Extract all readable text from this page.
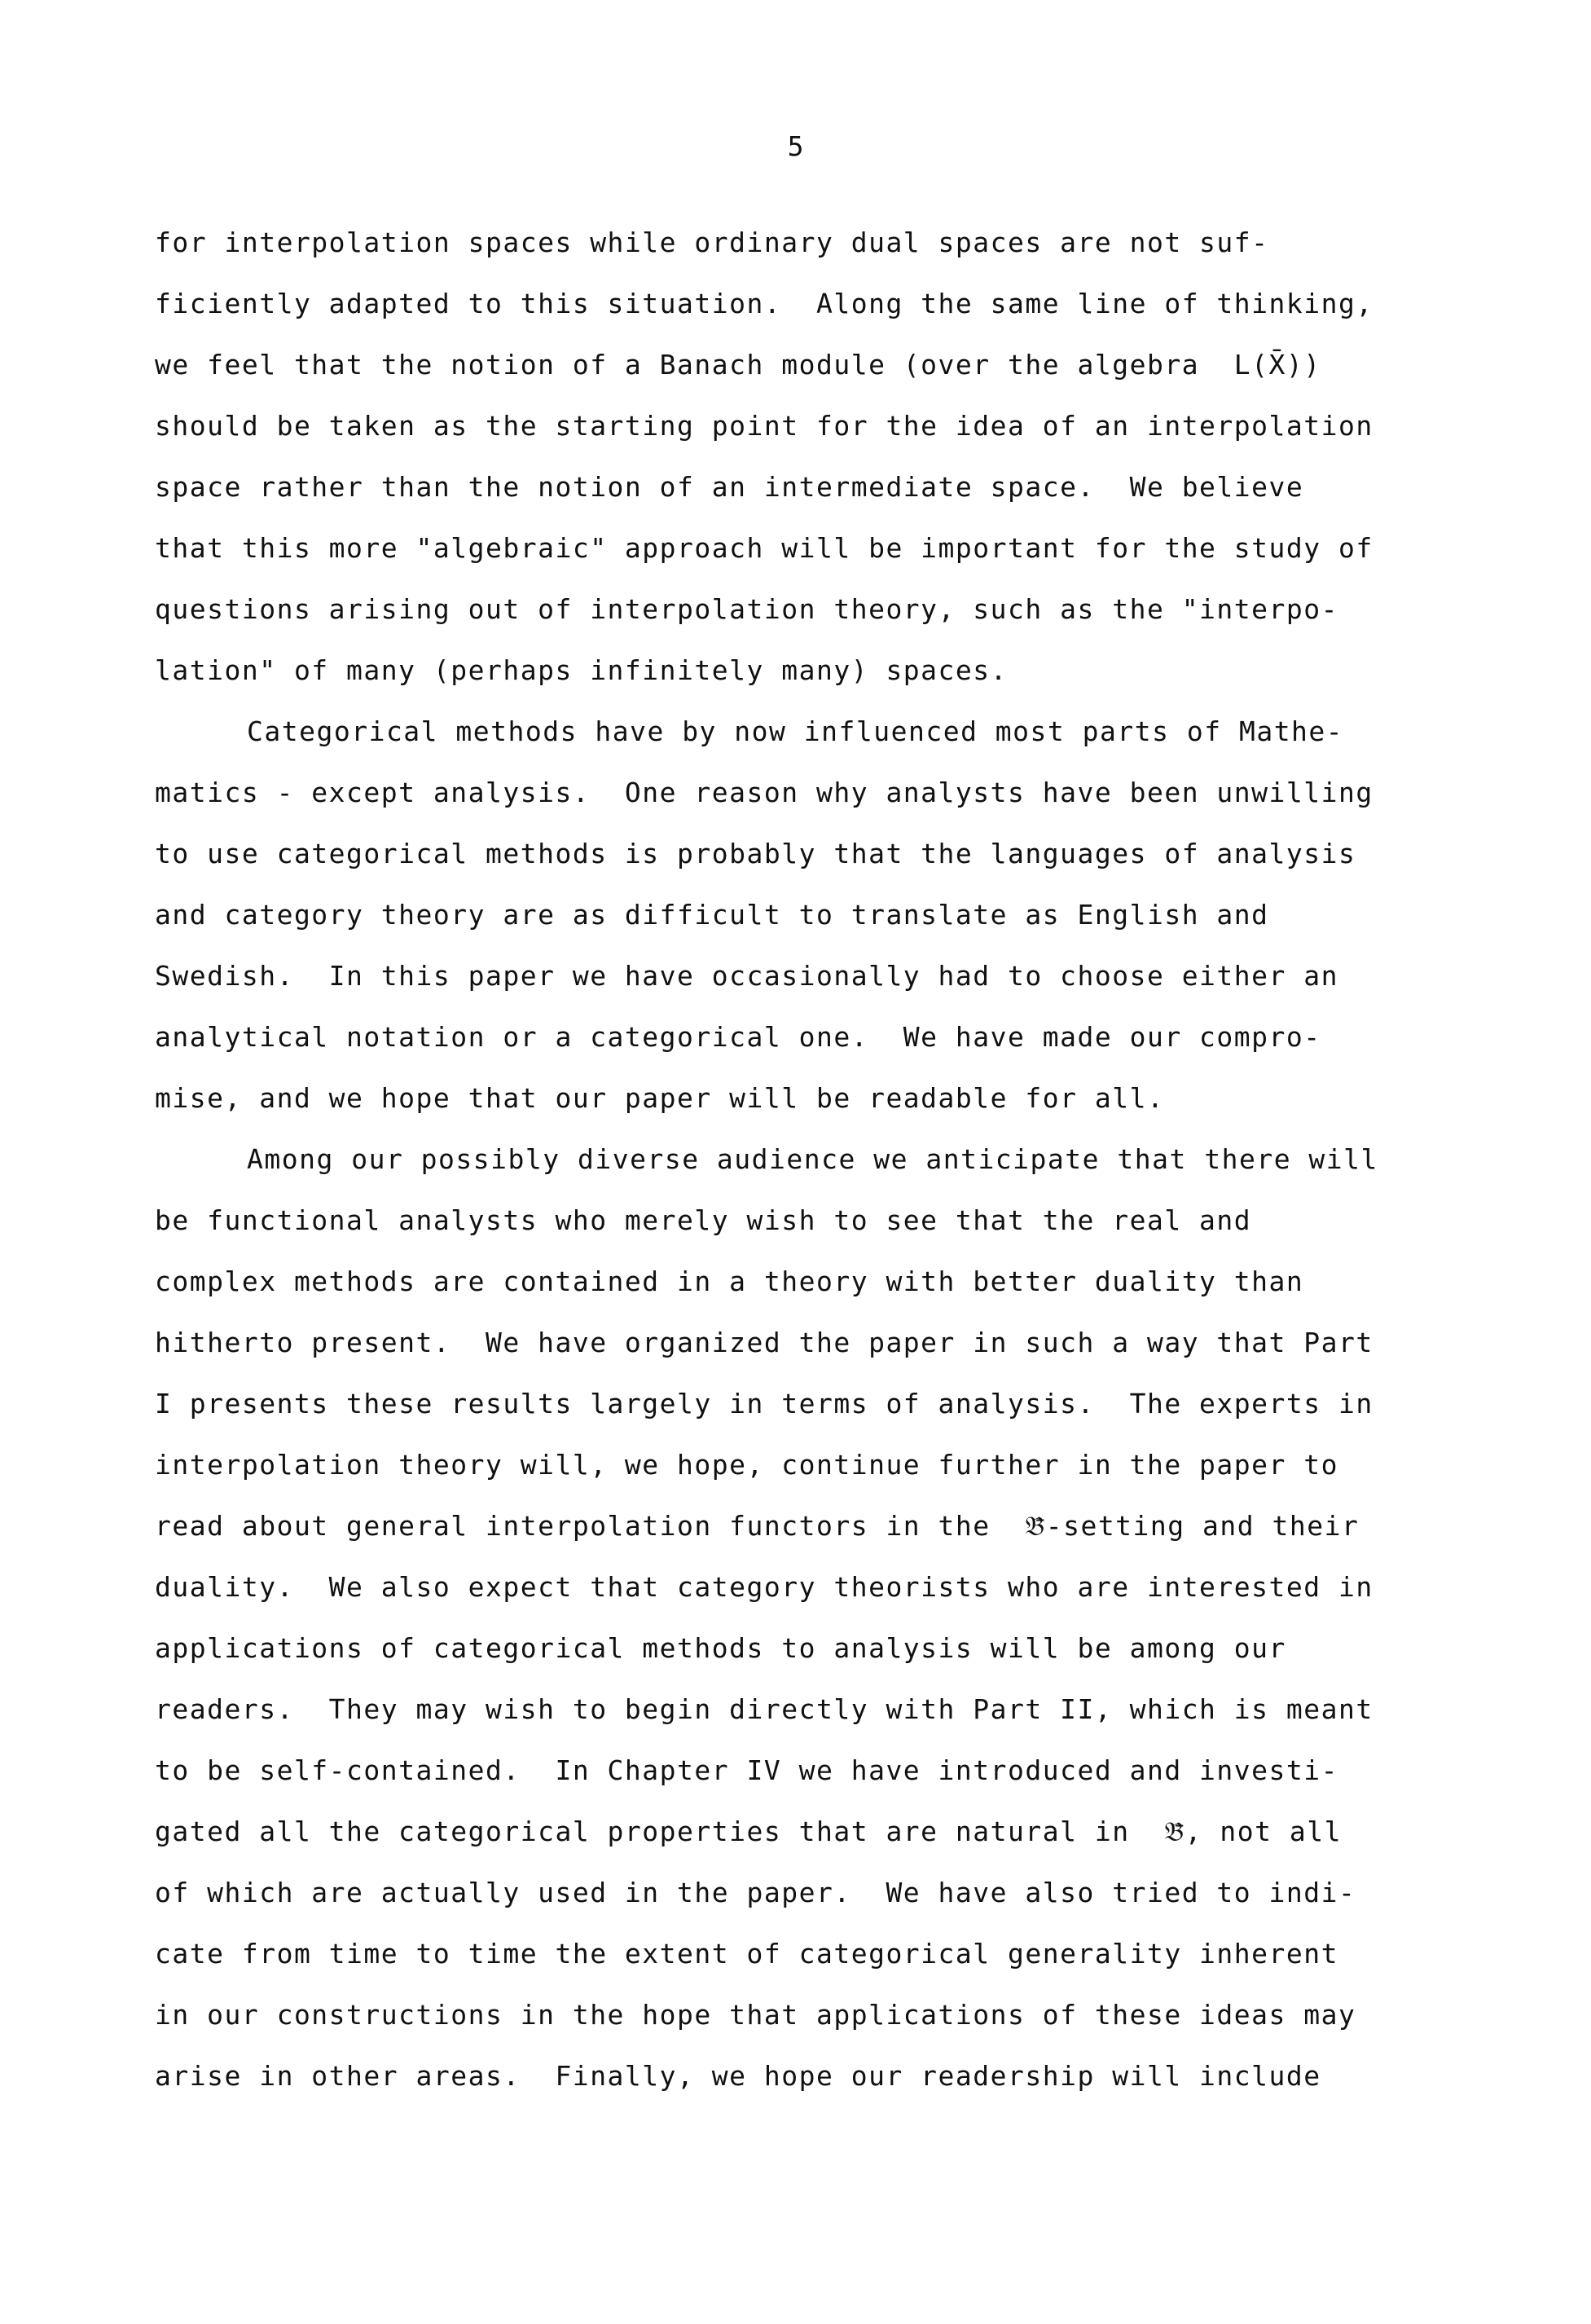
5
for interpolation spaces while ordinary dual spaces are not suf-
ficiently adapted to this situation.  Along the same line of thinking,
we feel that the notion of a Banach module (over the algebra  L(X̄))
should be taken as the starting point for the idea of an interpolation
space rather than the notion of an intermediate space.  We believe
that this more "algebraic" approach will be important for the study of
questions arising out of interpolation theory, such as the "interpo-
lation" of many (perhaps infinitely many) spaces.
Categorical methods have by now influenced most parts of Mathe-
matics - except analysis.  One reason why analysts have been unwilling
to use categorical methods is probably that the languages of analysis
and category theory are as difficult to translate as English and
Swedish.  In this paper we have occasionally had to choose either an
analytical notation or a categorical one.  We have made our compro-
mise, and we hope that our paper will be readable for all.
Among our possibly diverse audience we anticipate that there will
be functional analysts who merely wish to see that the real and
complex methods are contained in a theory with better duality than
hitherto present.  We have organized the paper in such a way that Part
I presents these results largely in terms of analysis.  The experts in
interpolation theory will, we hope, continue further in the paper to
read about general interpolation functors in the  𝔅̄-setting and their
duality.  We also expect that category theorists who are interested in
applications of categorical methods to analysis will be among our
readers.  They may wish to begin directly with Part II, which is meant
to be self-contained.  In Chapter IV we have introduced and investi-
gated all the categorical properties that are natural in  𝔅̄, not all
of which are actually used in the paper.  We have also tried to indi-
cate from time to time the extent of categorical generality inherent
in our constructions in the hope that applications of these ideas may
arise in other areas.  Finally, we hope our readership will include
